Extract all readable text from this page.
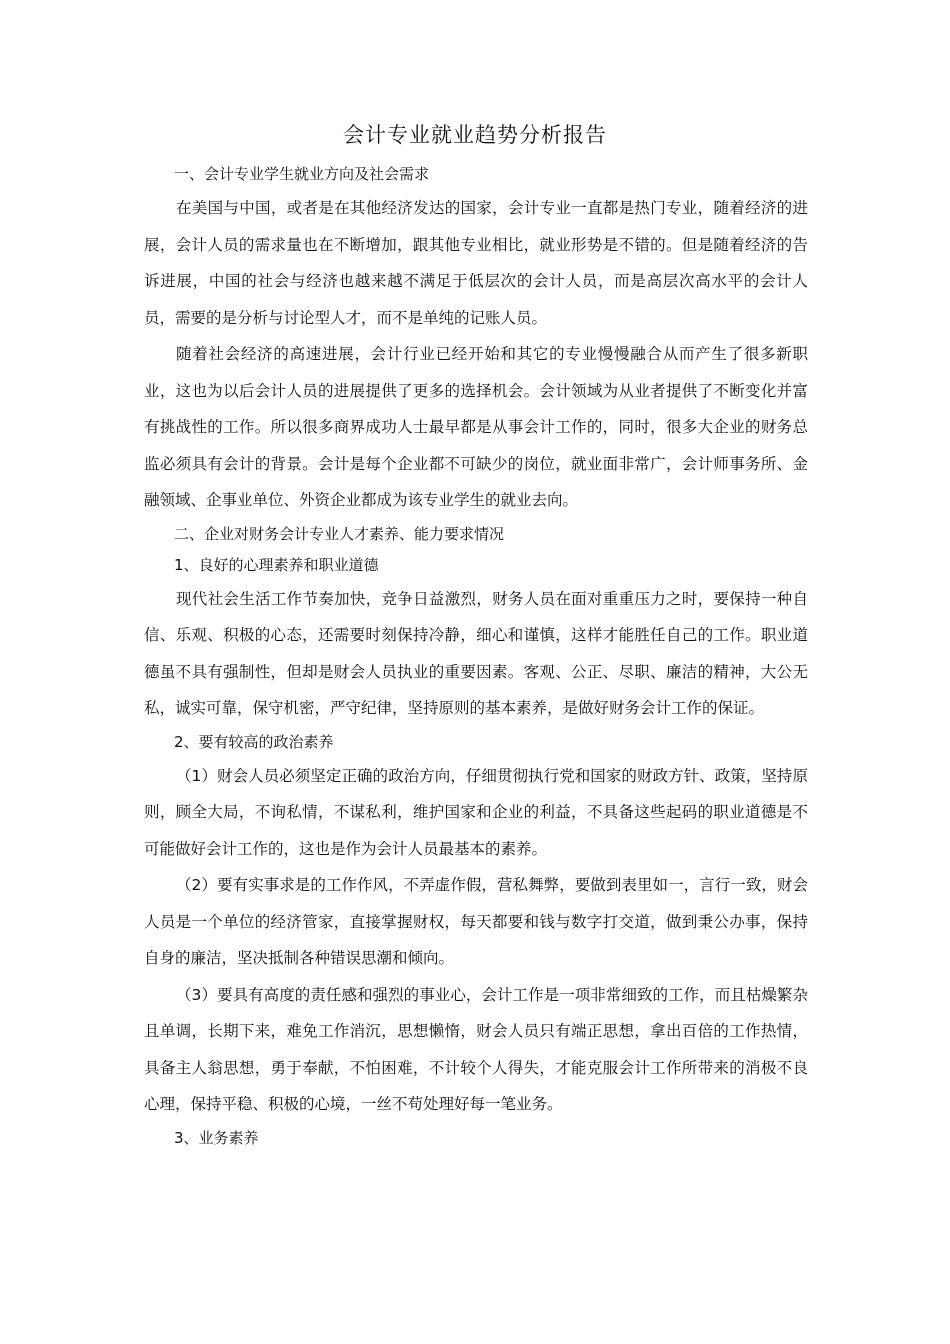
会计专业就业趋势分析报告

一、会计专业学生就业方向及社会需求

在美国与中国，或者是在其他经济发达的国家，会计专业一直都是热门专业，随着经济的进展，会计人员的需求量也在不断增加，跟其他专业相比，就业形势是不错的。但是随着经济的告诉进展，中国的社会与经济也越来越不满足于低层次的会计人员，而是高层次高水平的会计人员，需要的是分析与讨论型人才，而不是单纯的记账人员。

随着社会经济的高速进展，会计行业已经开始和其它的专业慢慢融合从而产生了很多新职业，这也为以后会计人员的进展提供了更多的选择机会。会计领域为从业者提供了不断变化并富有挑战性的工作。所以很多商界成功人士最早都是从事会计工作的，同时，很多大企业的财务总监必须具有会计的背景。会计是每个企业都不可缺少的岗位，就业面非常广，会计师事务所、金融领域、企事业单位、外资企业都成为该专业学生的就业去向。

二、企业对财务会计专业人才素养、能力要求情况

1、良好的心理素养和职业道德

现代社会生活工作节奏加快，竞争日益激烈，财务人员在面对重重压力之时，要保持一种自信、乐观、积极的心态，还需要时刻保持冷静，细心和谨慎，这样才能胜任自己的工作。职业道德虽不具有强制性，但却是财会人员执业的重要因素。客观、公正、尽职、廉洁的精神，大公无私，诚实可靠，保守机密，严守纪律，坚持原则的基本素养，是做好财务会计工作的保证。

2、要有较高的政治素养

（1）财会人员必须坚定正确的政治方向，仔细贯彻执行党和国家的财政方针、政策，坚持原则，顾全大局，不询私情，不谋私利，维护国家和企业的利益，不具备这些起码的职业道德是不可能做好会计工作的，这也是作为会计人员最基本的素养。

（2）要有实事求是的工作作风，不弄虚作假，营私舞弊，要做到表里如一，言行一致，财会人员是一个单位的经济管家，直接掌握财权，每天都要和钱与数字打交道，做到秉公办事，保持自身的廉洁，坚决抵制各种错误思潮和倾向。

（3）要具有高度的责任感和强烈的事业心，会计工作是一项非常细致的工作，而且枯燥繁杂且单调，长期下来，难免工作消沉，思想懒惰，财会人员只有端正思想，拿出百倍的工作热情，具备主人翁思想，勇于奉献，不怕困难，不计较个人得失，才能克服会计工作所带来的消极不良心理，保持平稳、积极的心境，一丝不苟处理好每一笔业务。

3、业务素养
